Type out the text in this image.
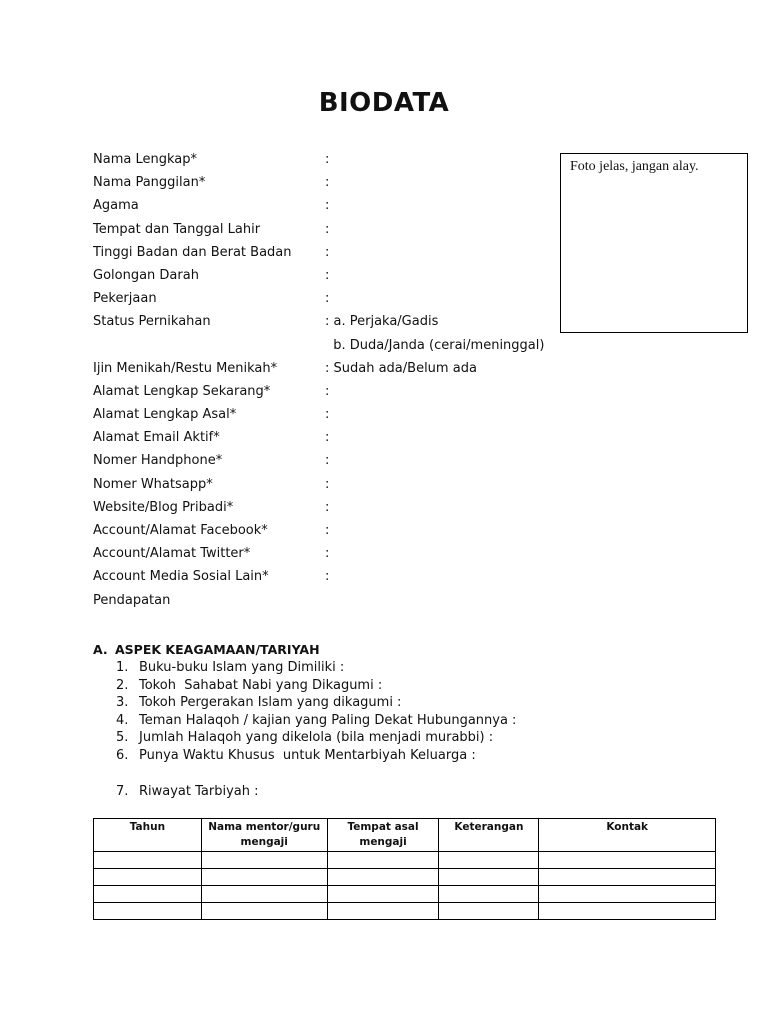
BIODATA
Nama Lengkap*	:
Nama Panggilan*	:
Agama	:
Tempat dan Tanggal Lahir	:
Tinggi Badan dan Berat Badan	:
Golongan Darah	:
Pekerjaan	:
Status Pernikahan	: a. Perjaka/Gadis
b. Duda/Janda (cerai/meninggal)
Ijin Menikah/Restu Menikah*	: Sudah ada/Belum ada
Alamat Lengkap Sekarang*	:
Alamat Lengkap Asal*	:
Alamat Email Aktif*	:
Nomer Handphone*	:
Nomer Whatsapp*	:
Website/Blog Pribadi*	:
Account/Alamat Facebook*	:
Account/Alamat Twitter*	:
Account Media Sosial Lain*	:
Pendapatan
Foto jelas, jangan alay.
A. ASPEK KEAGAMAAN/TARIYAH
1. Buku-buku Islam yang Dimiliki :
2. Tokoh  Sahabat Nabi yang Dikagumi :
3. Tokoh Pergerakan Islam yang dikagumi :
4. Teman Halaqoh / kajian yang Paling Dekat Hubungannya :
5. Jumlah Halaqoh yang dikelola (bila menjadi murabbi) :
6. Punya Waktu Khusus  untuk Mentarbiyah Keluarga :
7. Riwayat Tarbiyah :
Tahun	Nama mentor/guru mengaji	Tempat asal mengaji	Keterangan	Kontak
